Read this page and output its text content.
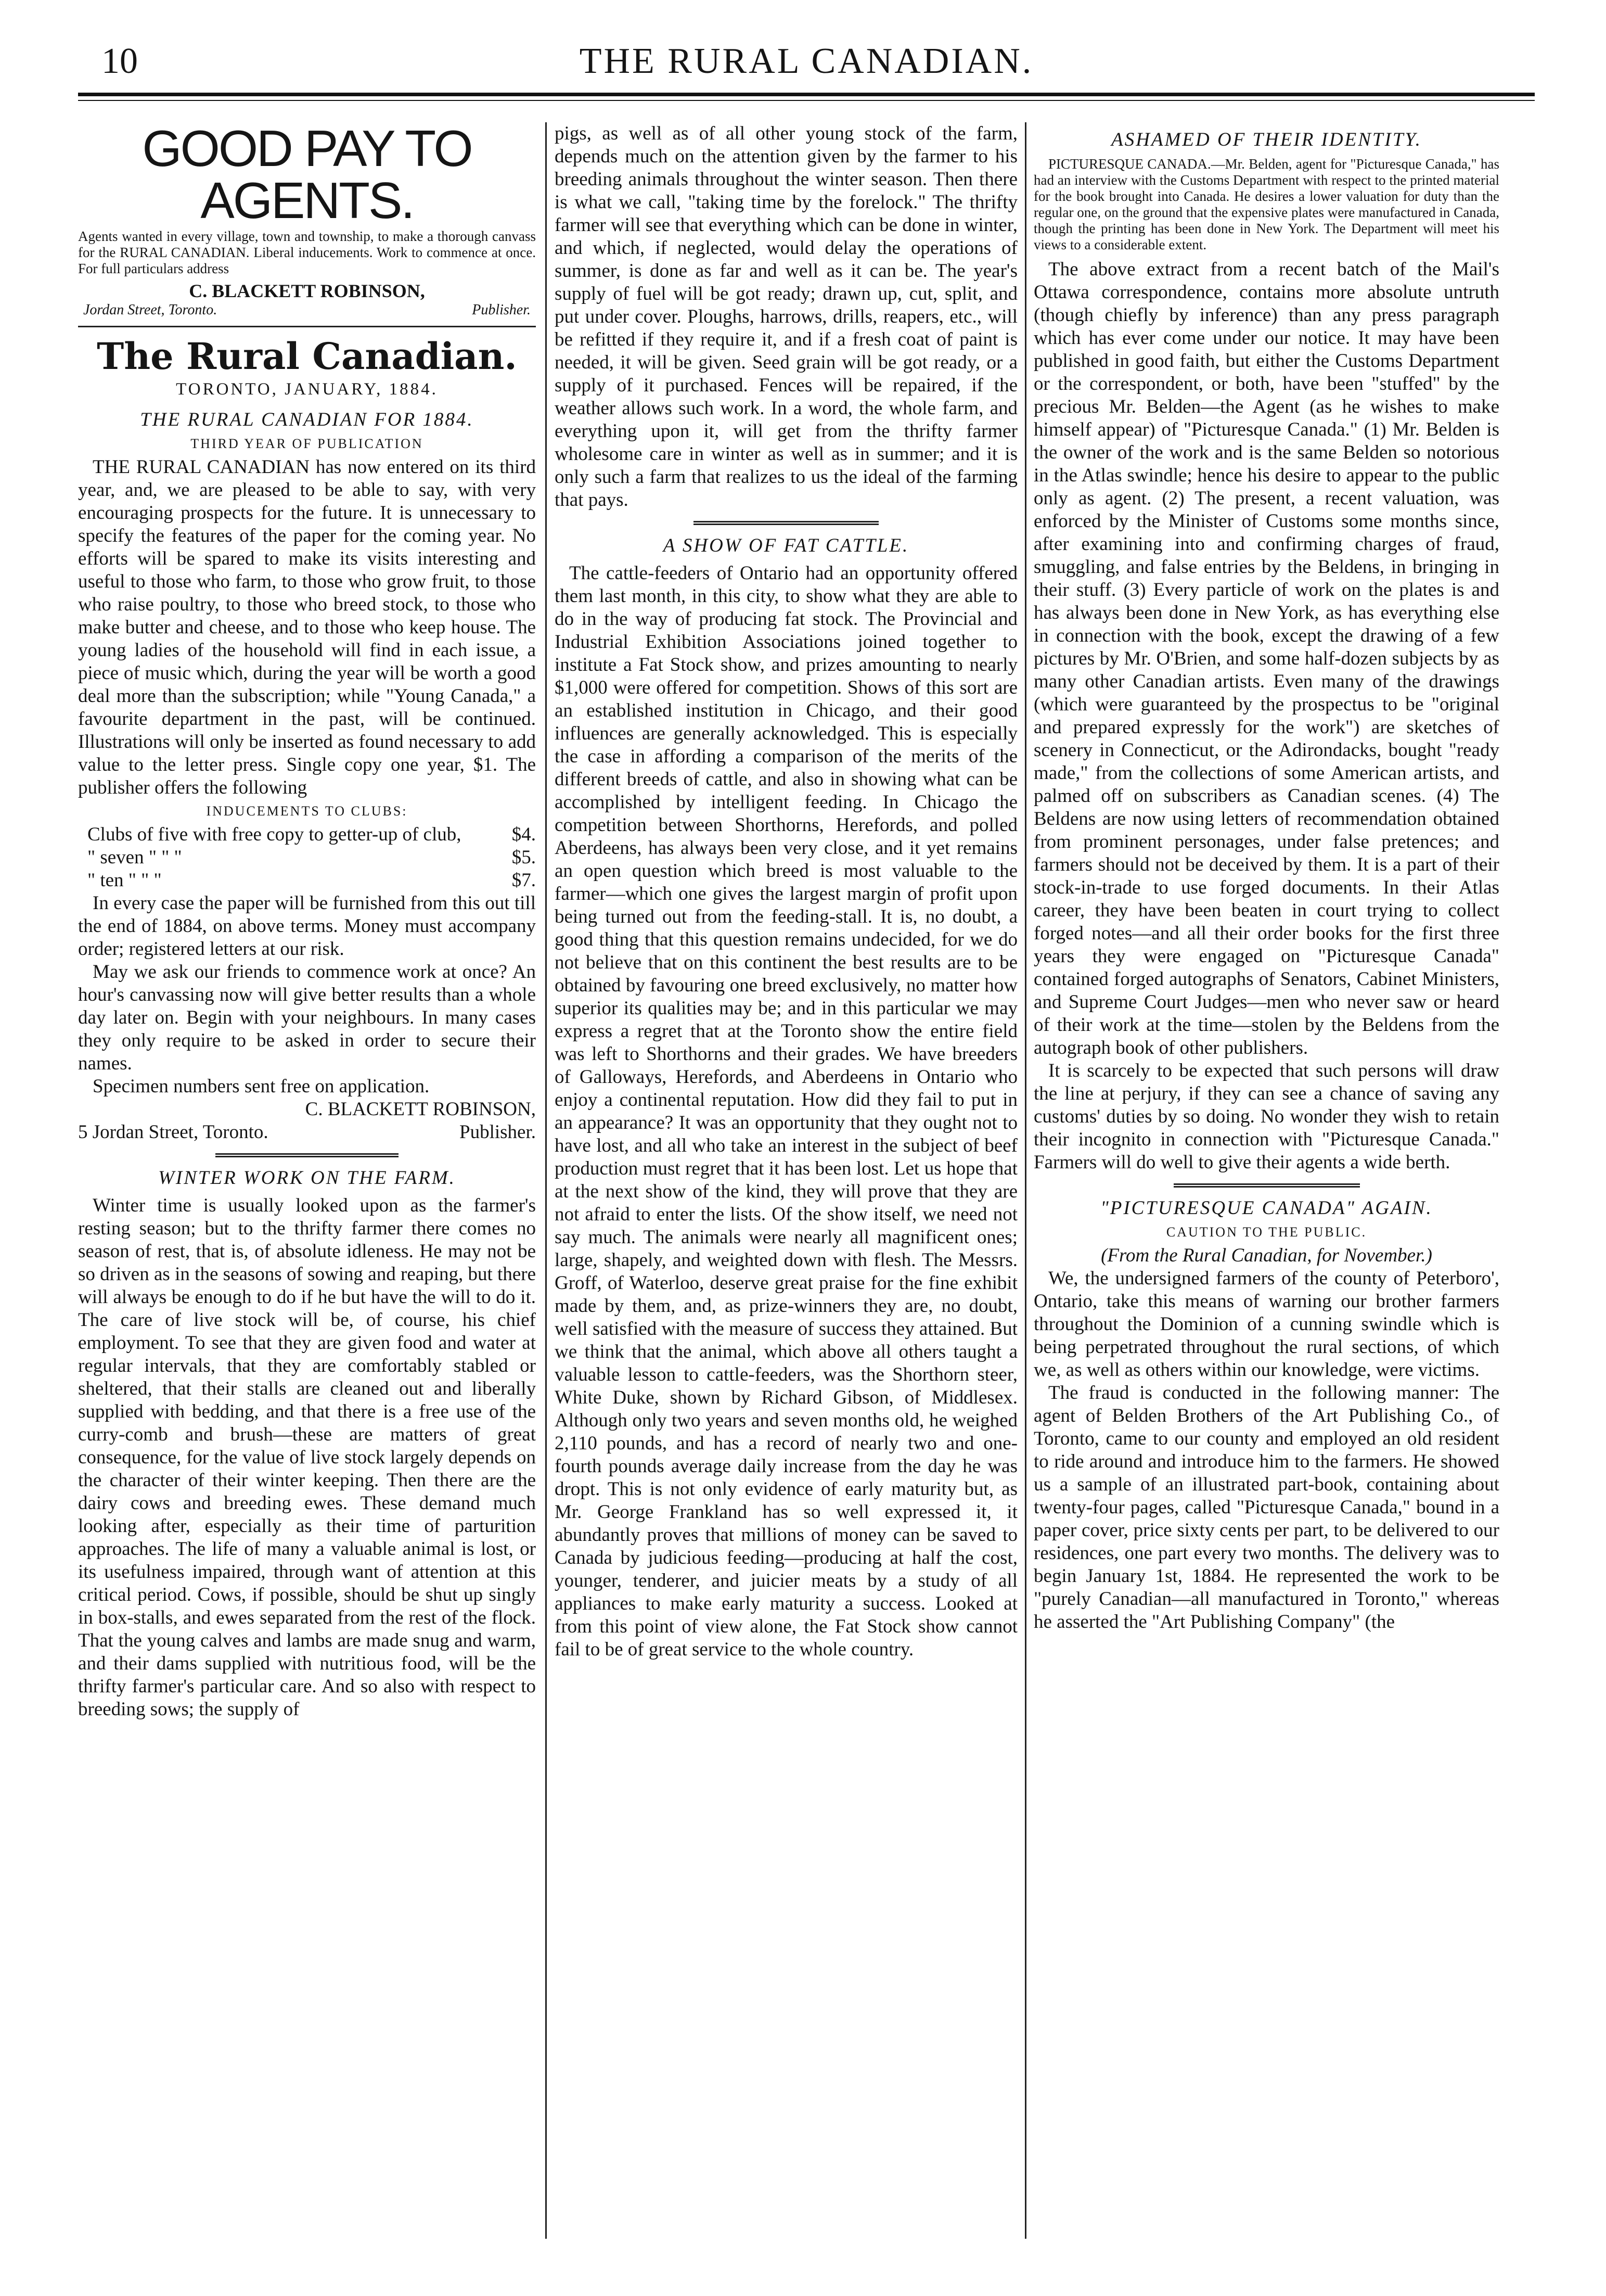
10	THE RURAL CANADIAN.
GOOD PAY TO AGENTS.

Agents wanted in every village, town and township, to make a thorough canvass for the RURAL CANADIAN. Liberal inducements. Work to commence at once. For full particulars address

C. BLACKETT ROBINSON,
Jordan Street, Toronto.	Publisher.
The Rural Canadian.
TORONTO, JANUARY, 1884.
THE RURAL CANADIAN FOR 1884.
THIRD YEAR OF PUBLICATION

THE RURAL CANADIAN has now entered on its third year, and, we are pleased to be able to say, with very encouraging prospects for the future. It is unnecessary to specify the features of the paper for the coming year. No efforts will be spared to make its visits interesting and useful to those who farm, to those who grow fruit, to those who raise poultry, to those who breed stock, to those who make butter and cheese, and to those who keep house. The young ladies of the household will find in each issue, a piece of music which, during the year will be worth a good deal more than the subscription; while "Young Canada," a favourite department in the past, will be continued. Illustrations will only be inserted as found necessary to add value to the letter press. Single copy one year, $1. The publisher offers the following

INDUCEMENTS TO CLUBS:
Clubs of five with free copy to getter-up of club,	$4.
" seven " " "	$5.
" ten " " "	$7.

In every case the paper will be furnished from this out till the end of 1884, on above terms. Money must accompany order; registered letters at our risk.

May we ask our friends to commence work at once? An hour's canvassing now will give better results than a whole day later on. Begin with your neighbours. In many cases they only require to be asked in order to secure their names.

Specimen numbers sent free on application.

C. BLACKETT ROBINSON,

5 Jordan Street, Toronto.	Publisher.
WINTER WORK ON THE FARM.

Winter time is usually looked upon as the farmer's resting season; but to the thrifty farmer there comes no season of rest, that is, of absolute idleness. He may not be so driven as in the seasons of sowing and reaping, but there will always be enough to do if he but have the will to do it. The care of live stock will be, of course, his chief employment. To see that they are given food and water at regular intervals, that they are comfortably stabled or sheltered, that their stalls are cleaned out and liberally supplied with bedding, and that there is a free use of the curry-comb and brush—these are matters of great consequence, for the value of live stock largely depends on the character of their winter keeping. Then there are the dairy cows and breeding ewes. These demand much looking after, especially as their time of parturition approaches. The life of many a valuable animal is lost, or its usefulness impaired, through want of attention at this critical period. Cows, if possible, should be shut up singly in box-stalls, and ewes separated from the rest of the flock. That the young calves and lambs are made snug and warm, and their dams supplied with nutritious food, will be the thrifty farmer's particular care. And so also with respect to breeding sows; the supply of

pigs, as well as of all other young stock of the farm, depends much on the attention given by the farmer to his breeding animals throughout the winter season. Then there is what we call, "taking time by the forelock." The thrifty farmer will see that everything which can be done in winter, and which, if neglected, would delay the operations of summer, is done as far and well as it can be. The year's supply of fuel will be got ready; drawn up, cut, split, and put under cover. Ploughs, harrows, drills, reapers, etc., will be refitted if they require it, and if a fresh coat of paint is needed, it will be given. Seed grain will be got ready, or a supply of it purchased. Fences will be repaired, if the weather allows such work. In a word, the whole farm, and everything upon it, will get from the thrifty farmer wholesome care in winter as well as in summer; and it is only such a farm that realizes to us the ideal of the farming that pays.

A SHOW OF FAT CATTLE.

The cattle-feeders of Ontario had an opportunity offered them last month, in this city, to show what they are able to do in the way of producing fat stock. The Provincial and Industrial Exhibition Associations joined together to institute a Fat Stock show, and prizes amounting to nearly $1,000 were offered for competition. Shows of this sort are an established institution in Chicago, and their good influences are generally acknowledged. This is especially the case in affording a comparison of the merits of the different breeds of cattle, and also in showing what can be accomplished by intelligent feeding. In Chicago the competition between Shorthorns, Herefords, and polled Aberdeens, has always been very close, and it yet remains an open question which breed is most valuable to the farmer—which one gives the largest margin of profit upon being turned out from the feeding-stall. It is, no doubt, a good thing that this question remains undecided, for we do not believe that on this continent the best results are to be obtained by favouring one breed exclusively, no matter how superior its qualities may be; and in this particular we may express a regret that at the Toronto show the entire field was left to Shorthorns and their grades. We have breeders of Galloways, Herefords, and Aberdeens in Ontario who enjoy a continental reputation. How did they fail to put in an appearance? It was an opportunity that they ought not to have lost, and all who take an interest in the subject of beef production must regret that it has been lost. Let us hope that at the next show of the kind, they will prove that they are not afraid to enter the lists. Of the show itself, we need not say much. The animals were nearly all magnificent ones; large, shapely, and weighted down with flesh. The Messrs. Groff, of Waterloo, deserve great praise for the fine exhibit made by them, and, as prize-winners they are, no doubt, well satisfied with the measure of success they attained. But we think that the animal, which above all others taught a valuable lesson to cattle-feeders, was the Shorthorn steer, White Duke, shown by Richard Gibson, of Middlesex. Although only two years and seven months old, he weighed 2,110 pounds, and has a record of nearly two and one-fourth pounds average daily increase from the day he was dropt. This is not only evidence of early maturity but, as Mr. George Frankland has so well expressed it, it abundantly proves that millions of money can be saved to Canada by judicious feeding—producing at half the cost, younger, tenderer, and juicier meats by a study of all appliances to make early maturity a success. Looked at from this point of view alone, the Fat Stock show cannot fail to be of great service to the whole country.

ASHAMED OF THEIR IDENTITY.

PICTURESQUE CANADA.—Mr. Belden, agent for "Picturesque Canada," has had an interview with the Customs Department with respect to the printed material for the book brought into Canada. He desires a lower valuation for duty than the regular one, on the ground that the expensive plates were manufactured in Canada, though the printing has been done in New York. The Department will meet his views to a considerable extent.

The above extract from a recent batch of the Mail's Ottawa correspondence, contains more absolute untruth (though chiefly by inference) than any press paragraph which has ever come under our notice. It may have been published in good faith, but either the Customs Department or the correspondent, or both, have been "stuffed" by the precious Mr. Belden—the Agent (as he wishes to make himself appear) of "Picturesque Canada." (1) Mr. Belden is the owner of the work and is the same Belden so notorious in the Atlas swindle; hence his desire to appear to the public only as agent. (2) The present, a recent valuation, was enforced by the Minister of Customs some months since, after examining into and confirming charges of fraud, smuggling, and false entries by the Beldens, in bringing in their stuff. (3) Every particle of work on the plates is and has always been done in New York, as has everything else in connection with the book, except the drawing of a few pictures by Mr. O'Brien, and some half-dozen subjects by as many other Canadian artists. Even many of the drawings (which were guaranteed by the prospectus to be "original and prepared expressly for the work") are sketches of scenery in Connecticut, or the Adirondacks, bought "ready made," from the collections of some American artists, and palmed off on subscribers as Canadian scenes. (4) The Beldens are now using letters of recommendation obtained from prominent personages, under false pretences; and farmers should not be deceived by them. It is a part of their stock-in-trade to use forged documents. In their Atlas career, they have been beaten in court trying to collect forged notes—and all their order books for the first three years they were engaged on "Picturesque Canada" contained forged autographs of Senators, Cabinet Ministers, and Supreme Court Judges—men who never saw or heard of their work at the time—stolen by the Beldens from the autograph book of other publishers.

It is scarcely to be expected that such persons will draw the line at perjury, if they can see a chance of saving any customs' duties by so doing. No wonder they wish to retain their incognito in connection with "Picturesque Canada." Farmers will do well to give their agents a wide berth.

"PICTURESQUE CANADA" AGAIN.
CAUTION TO THE PUBLIC.

(From the Rural Canadian, for November.)

We, the undersigned farmers of the county of Peterboro', Ontario, take this means of warning our brother farmers throughout the Dominion of a cunning swindle which is being perpetrated throughout the rural sections, of which we, as well as others within our knowledge, were victims.

The fraud is conducted in the following manner: The agent of Belden Brothers of the Art Publishing Co., of Toronto, came to our county and employed an old resident to ride around and introduce him to the farmers. He showed us a sample of an illustrated part-book, containing about twenty-four pages, called "Picturesque Canada," bound in a paper cover, price sixty cents per part, to be delivered to our residences, one part every two months. The delivery was to begin January 1st, 1884. He represented the work to be "purely Canadian—all manufactured in Toronto," whereas he asserted the "Art Publishing Company" (the
